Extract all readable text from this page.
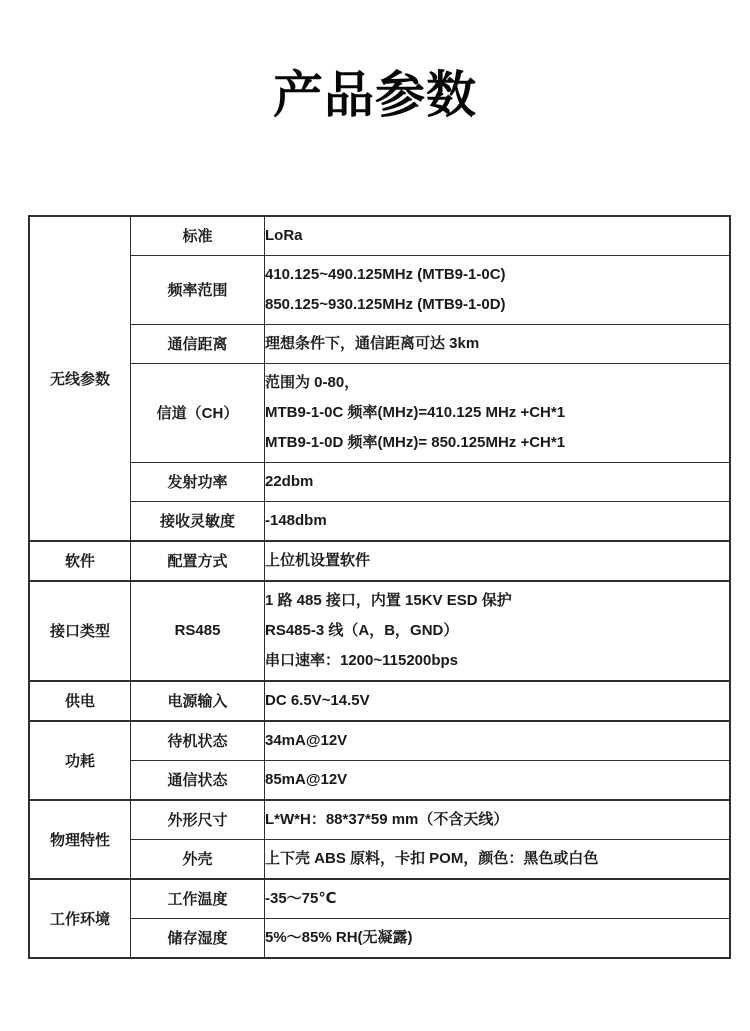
产品参数
无线参数	标准	LoRa

	频率范围	410.125~490.125MHz (MTB9-1-0C)
850.125~930.125MHz (MTB9-1-0D)

	通信距离	理想条件下，通信距离可达 3km

	信道（CH）	范围为 0-80，
MTB9-1-0C 频率(MHz)=410.125 MHz +CH*1
MTB9-1-0D 频率(MHz)= 850.125MHz +CH*1

	发射功率	22dbm

	接收灵敏度	-148dbm

软件	配置方式	上位机设置软件

接口类型	RS485	1 路 485 接口，内置 15KV ESD 保护
RS485-3 线（A，B，GND）
串口速率：1200~115200bps

供电	电源输入	DC 6.5V~14.5V

功耗	待机状态	34mA@12V

	通信状态	85mA@12V

物理特性	外形尺寸	L*W*H：88*37*59 mm（不含天线）

	外壳	上下壳 ABS 原料，卡扣 POM，颜色：黑色或白色

工作环境	工作温度	-35～75℃

	储存湿度	5%～85% RH(无凝露)
